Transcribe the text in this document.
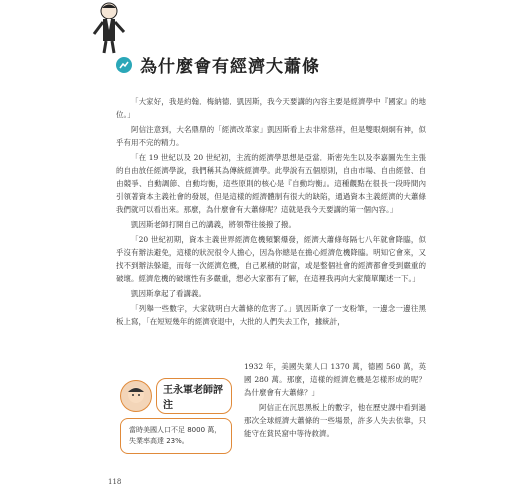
為什麼會有經濟大蕭條

「大家好，我是約翰．梅納德．凱因斯，我今天要講的內容主要是經濟學中『國家』的地位。」

阿信注意到，大名鼎鼎的「經濟改革家」凱因斯看上去非常慈祥，但是雙眼炯炯有神，似乎有用不完的精力。

「在 19 世紀以及 20 世紀初，主流的經濟學思想是亞當．斯密先生以及李嘉圖先生主張的自由放任經濟學說，我們稱其為傳統經濟學。此學說有五個原則，自由市場、自由經營、自由競爭、自動調節、自動均衡，這些原則的核心是『自動均衡』。這種觀點在很長一段時間內引領著資本主義社會的發展，但是這樣的經濟體制有很大的缺陷，通過資本主義經濟的大蕭條我們就可以看出來。那麼，為什麼會有大蕭條呢？這就是我今天要講的第一個內容。」

凱因斯老師打開自己的講義，將領帶往後撥了撥。

「20 世紀初期，資本主義世界經濟危機頻繁爆發，經濟大蕭條每隔七八年就會降臨，似乎沒有辦法避免，這樣的狀況很令人擔心，因為你總是在擔心經濟危機降臨。明知它會來，又找不到辦法躲避，而每一次經濟危機，自己累積的財富，或是整個社會的經濟都會受到嚴重的破壞。經濟危機的破壞性有多嚴重，想必大家都有了解，在這裡我再向大家簡單闡述一下。」

凱因斯拿起了看講義。

「列舉一些數字，大家就明白大蕭條的危害了。」凱因斯拿了一支粉筆，一邊念一邊往黑板上寫，「在短短幾年的經濟衰退中，大批的人們失去工作，據統計，

王永軍老師評注
當時美國人口不足 8000 萬，失業率高達 23%。

1932 年，美國失業人口 1370 萬，德國 560 萬，英國 280 萬。那麼，這樣的經濟危機是怎樣形成的呢？為什麼會有大蕭條？」

阿信正在沉思黑板上的數字，他在歷史課中看到過那次全球經濟大蕭條的一些場景，許多人失去依靠，只能守在貧民窟中等待救濟。

118
